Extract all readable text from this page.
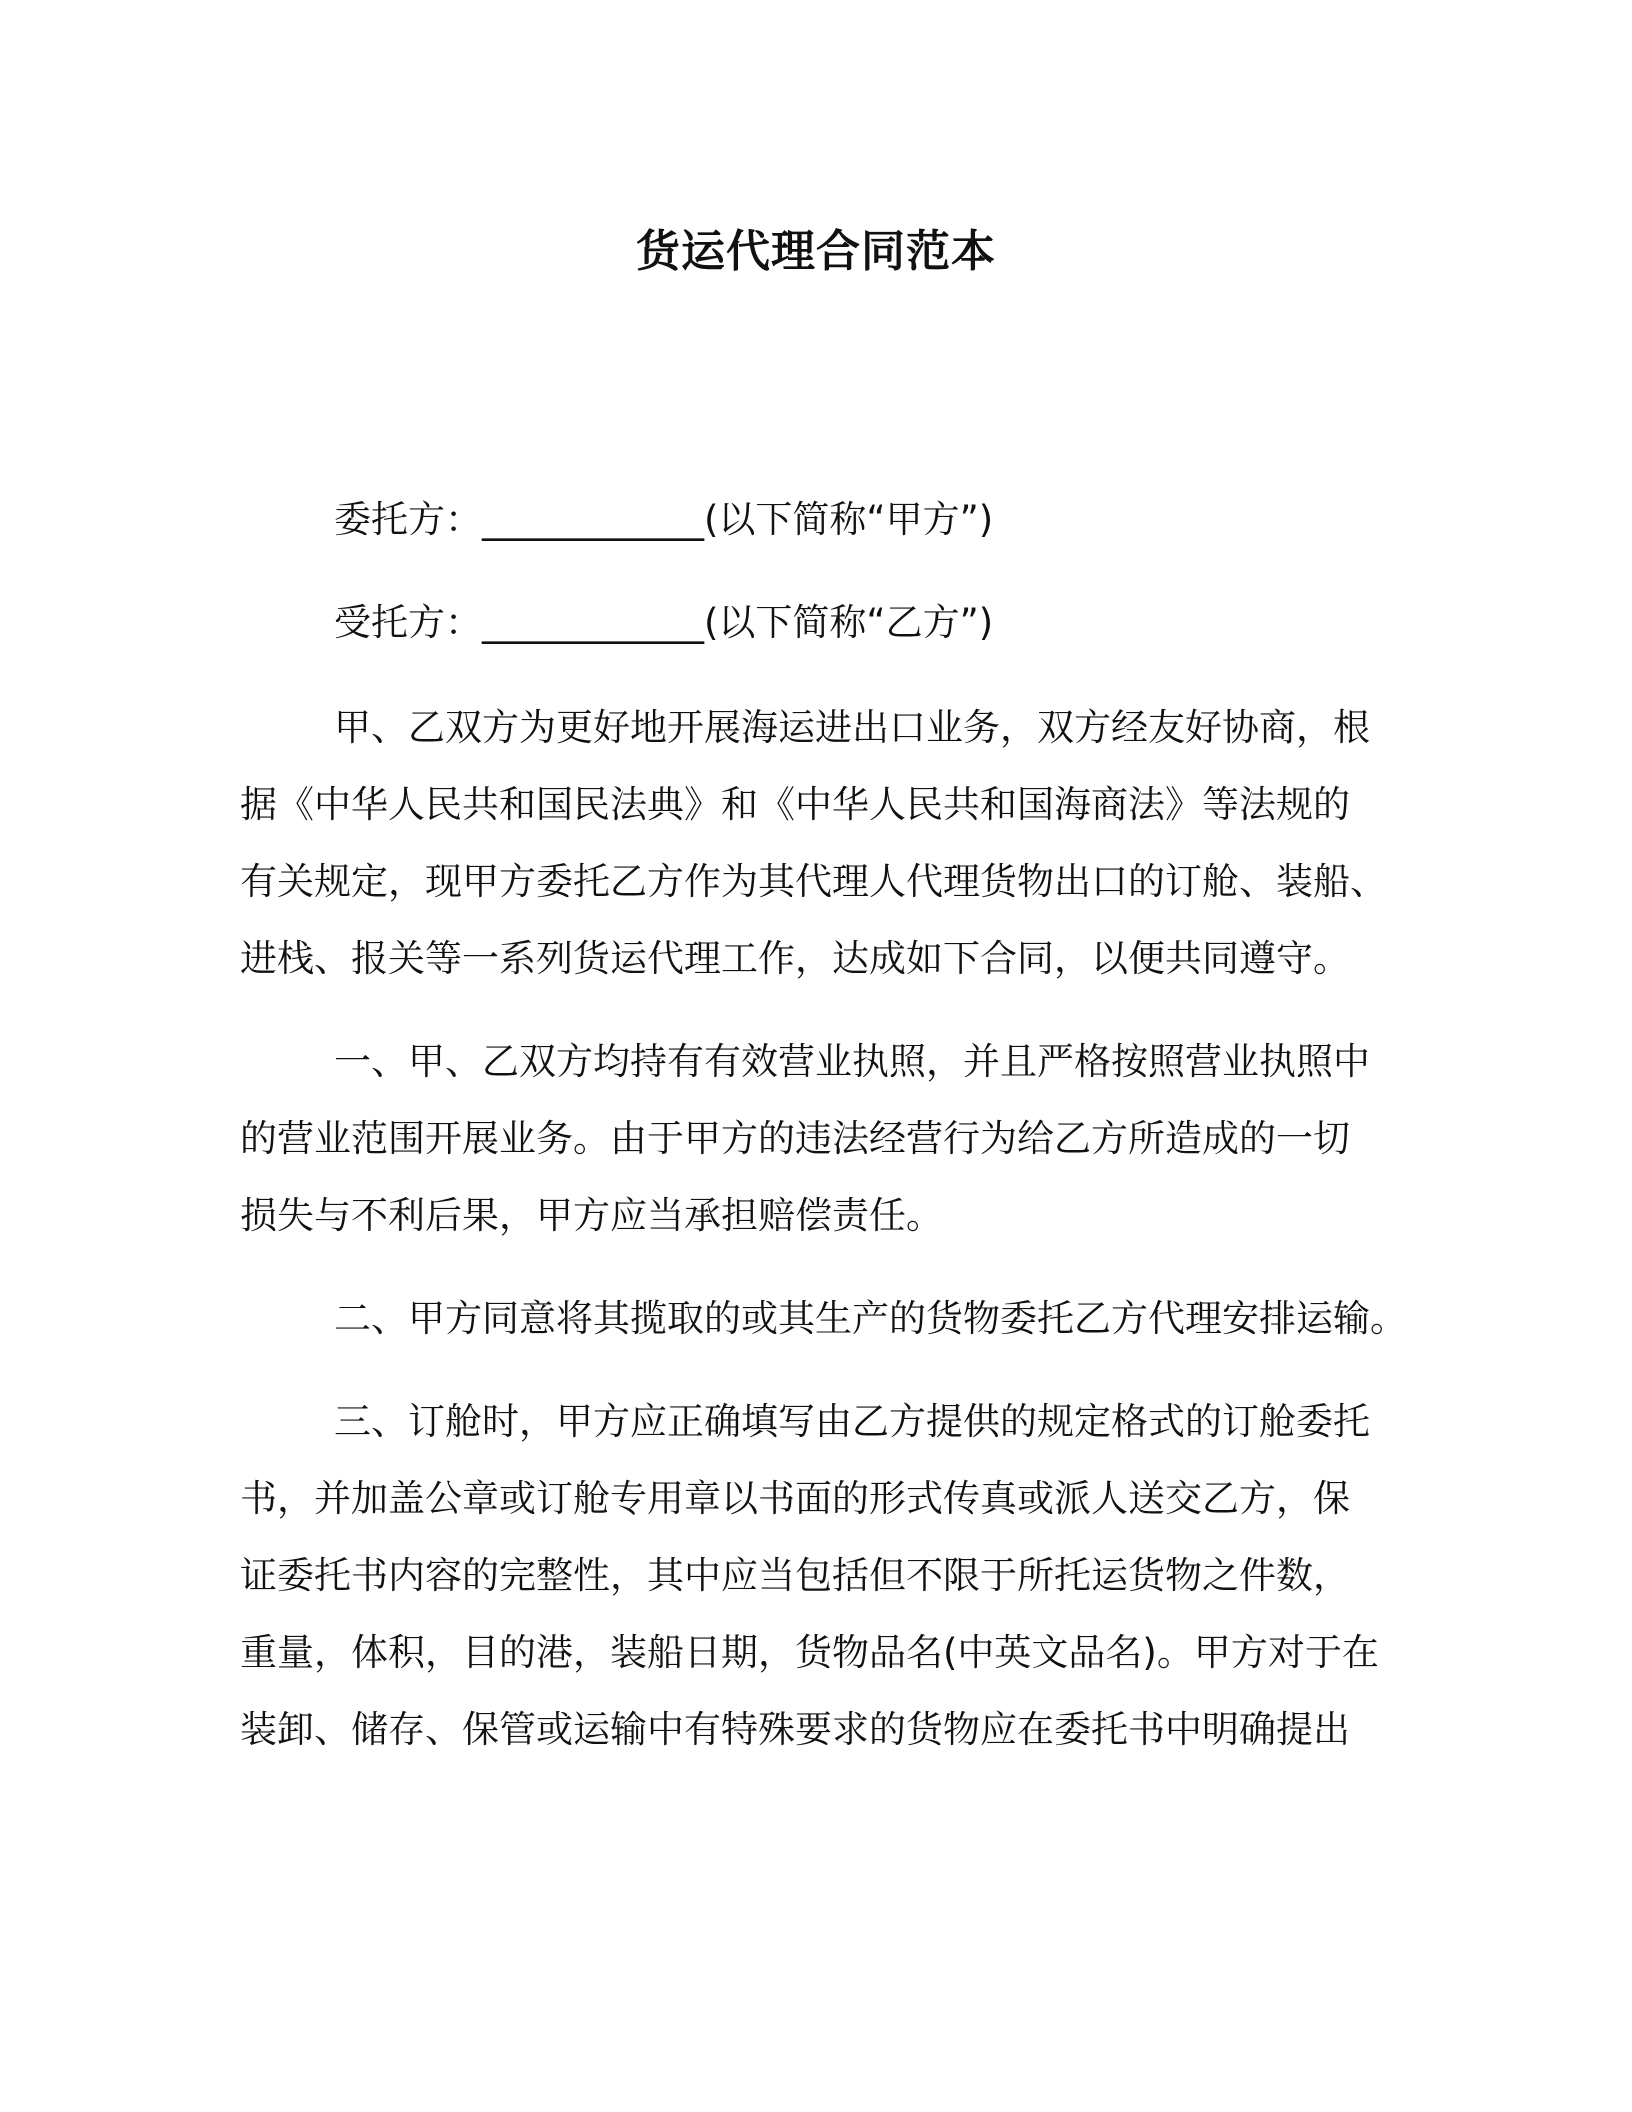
货运代理合同范本
委托方：____________(以下简称“甲方”)
受托方：____________(以下简称“乙方”)
甲、乙双方为更好地开展海运进出口业务，双方经友好协商，根
据《中华人民共和国民法典》和《中华人民共和国海商法》等法规的
有关规定，现甲方委托乙方作为其代理人代理货物出口的订舱、装船、
进栈、报关等一系列货运代理工作，达成如下合同，以便共同遵守。
一、甲、乙双方均持有有效营业执照，并且严格按照营业执照中
的营业范围开展业务。由于甲方的违法经营行为给乙方所造成的一切
损失与不利后果，甲方应当承担赔偿责任。
二、甲方同意将其揽取的或其生产的货物委托乙方代理安排运输。
三、订舱时，甲方应正确填写由乙方提供的规定格式的订舱委托
书，并加盖公章或订舱专用章以书面的形式传真或派人送交乙方，保
证委托书内容的完整性，其中应当包括但不限于所托运货物之件数，
重量，体积，目的港，装船日期，货物品名(中英文品名)。甲方对于在
装卸、储存、保管或运输中有特殊要求的货物应在委托书中明确提出
